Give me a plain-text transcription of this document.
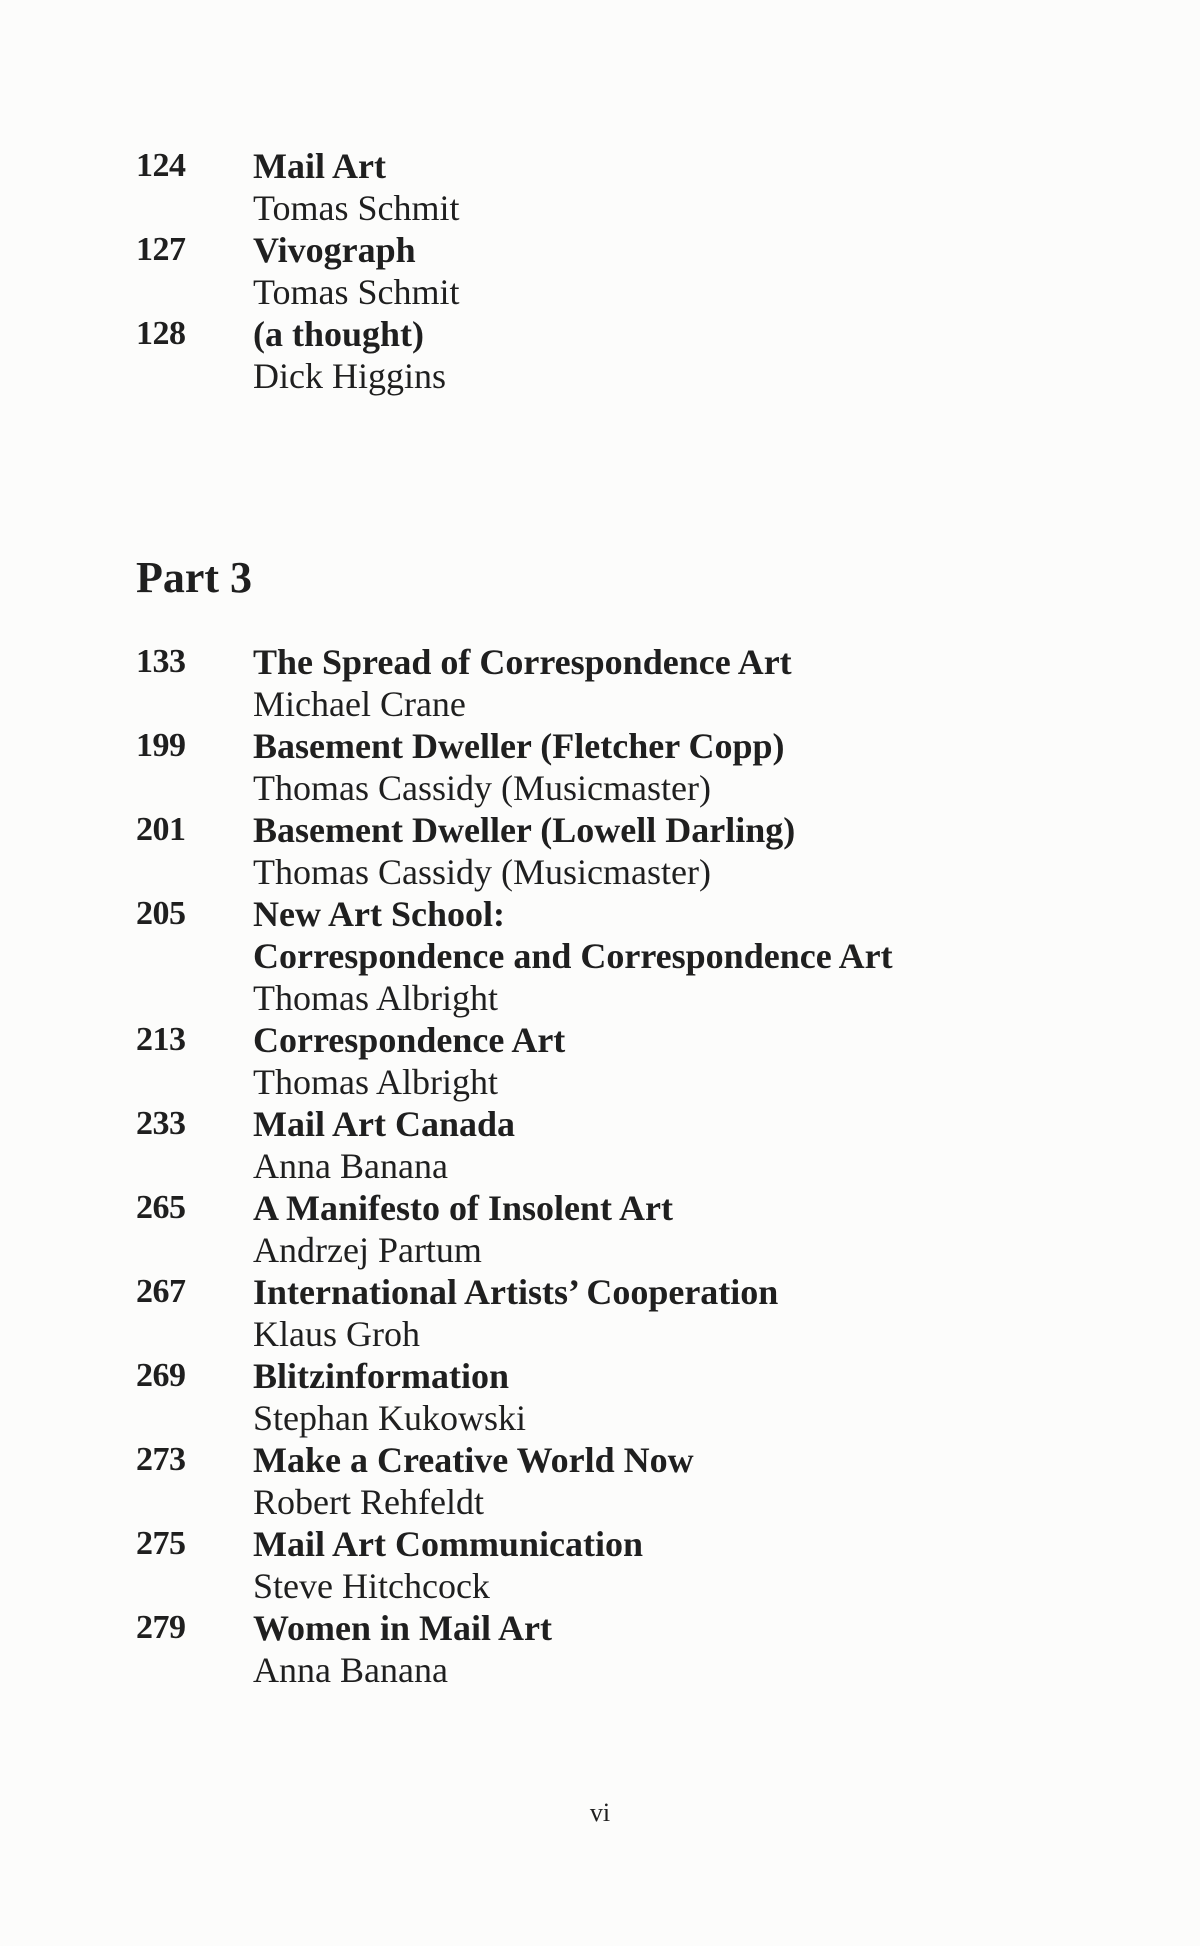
124	Mail Art
Tomas Schmit
127	Vivograph
Tomas Schmit
128	(a thought)
Dick Higgins
Part 3
133	The Spread of Correspondence Art
Michael Crane
199	Basement Dweller (Fletcher Copp)
Thomas Cassidy (Musicmaster)
201	Basement Dweller (Lowell Darling)
Thomas Cassidy (Musicmaster)
205	New Art School:
Correspondence and Correspondence Art
Thomas Albright
213	Correspondence Art
Thomas Albright
233	Mail Art Canada
Anna Banana
265	A Manifesto of Insolent Art
Andrzej Partum
267	International Artists’ Cooperation
Klaus Groh
269	Blitzinformation
Stephan Kukowski
273	Make a Creative World Now
Robert Rehfeldt
275	Mail Art Communication
Steve Hitchcock
279	Women in Mail Art
Anna Banana
vi
